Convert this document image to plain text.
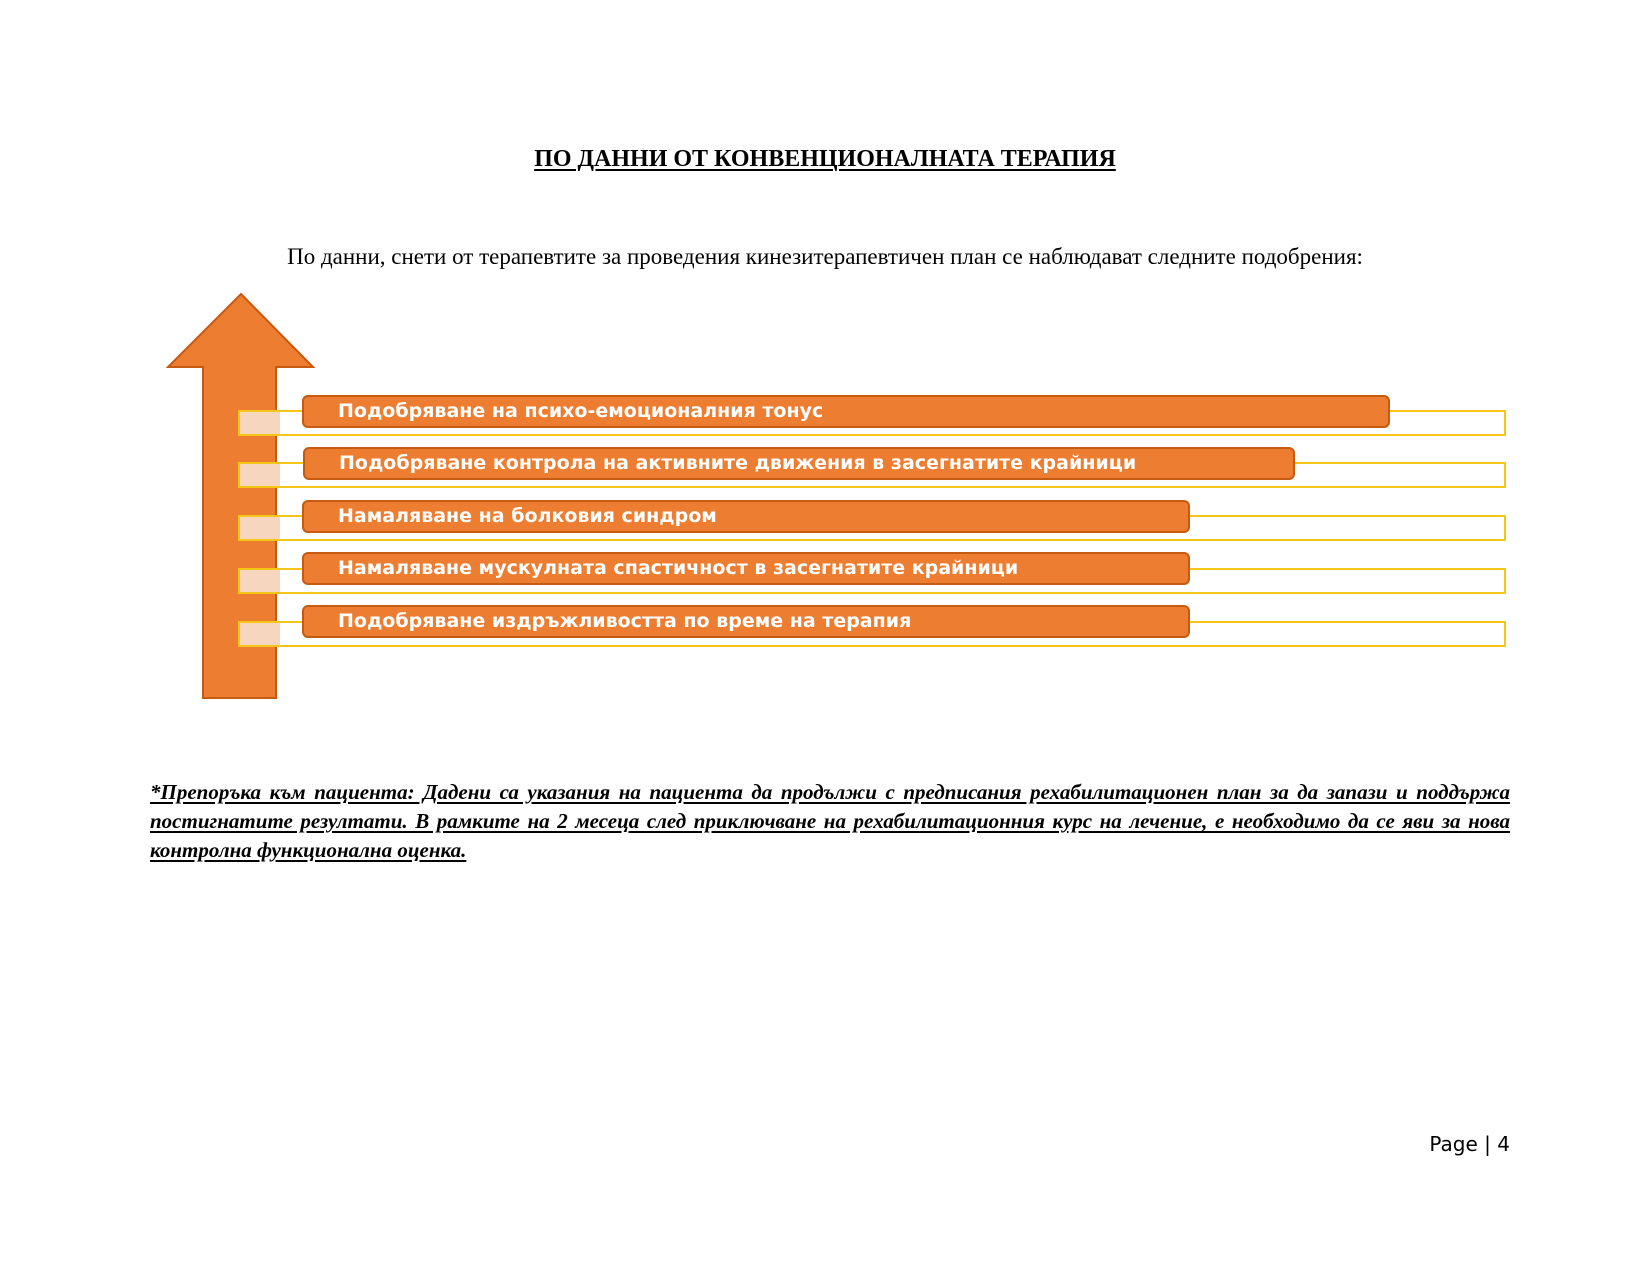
ПО ДАННИ ОТ КОНВЕНЦИОНАЛНАТА ТЕРАПИЯ
По данни, снети от терапевтите за проведения кинезитерапевтичен план се наблюдават следните подобрения:
Подобряване на психо-емоционалния тонус
Подобряване контрола на активните движения в засегнатите крайници
Намаляване на болковия синдром
Намаляване мускулната спастичност в засегнатите крайници
Подобряване издръжливостта по време на терапия
*Препоръка към пациента: Дадени са указания на пациента да продължи с предписания рехабилитационен план за да запази и поддържа постигнатите резултати. В рамките на 2 месеца след приключване на рехабилитационния курс на лечение, е необходимо да се яви за нова контролна функционална оценка.
Page | 4
